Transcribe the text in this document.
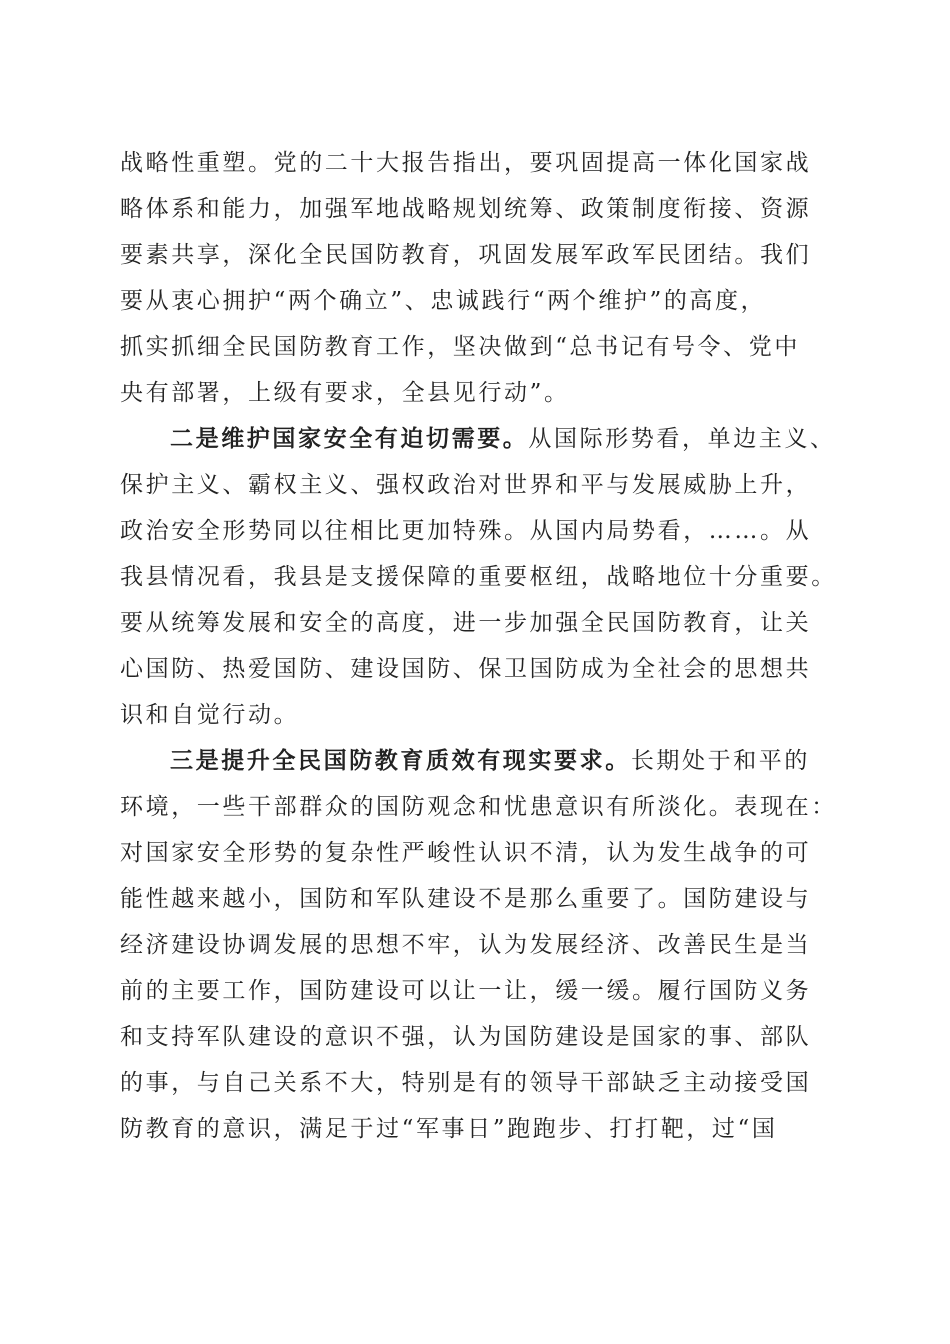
战略性重塑。党的二十大报告指出，要巩固提高一体化国家战
略体系和能力，加强军地战略规划统筹、政策制度衔接、资源
要素共享，深化全民国防教育，巩固发展军政军民团结。我们
要从衷心拥护“两个确立”、忠诚践行“两个维护”的高度，
抓实抓细全民国防教育工作，坚决做到“总书记有号令、党中
央有部署，上级有要求，全县见行动”。
二是维护国家安全有迫切需要。从国际形势看，单边主义、
保护主义、霸权主义、强权政治对世界和平与发展威胁上升，
政治安全形势同以往相比更加特殊。从国内局势看，……。从
我县情况看，我县是支援保障的重要枢纽，战略地位十分重要。
要从统筹发展和安全的高度，进一步加强全民国防教育，让关
心国防、热爱国防、建设国防、保卫国防成为全社会的思想共
识和自觉行动。
三是提升全民国防教育质效有现实要求。长期处于和平的
环境，一些干部群众的国防观念和忧患意识有所淡化。表现在：
对国家安全形势的复杂性严峻性认识不清，认为发生战争的可
能性越来越小，国防和军队建设不是那么重要了。国防建设与
经济建设协调发展的思想不牢，认为发展经济、改善民生是当
前的主要工作，国防建设可以让一让，缓一缓。履行国防义务
和支持军队建设的意识不强，认为国防建设是国家的事、部队
的事，与自己关系不大，特别是有的领导干部缺乏主动接受国
防教育的意识，满足于过“军事日”跑跑步、打打靶，过“国
